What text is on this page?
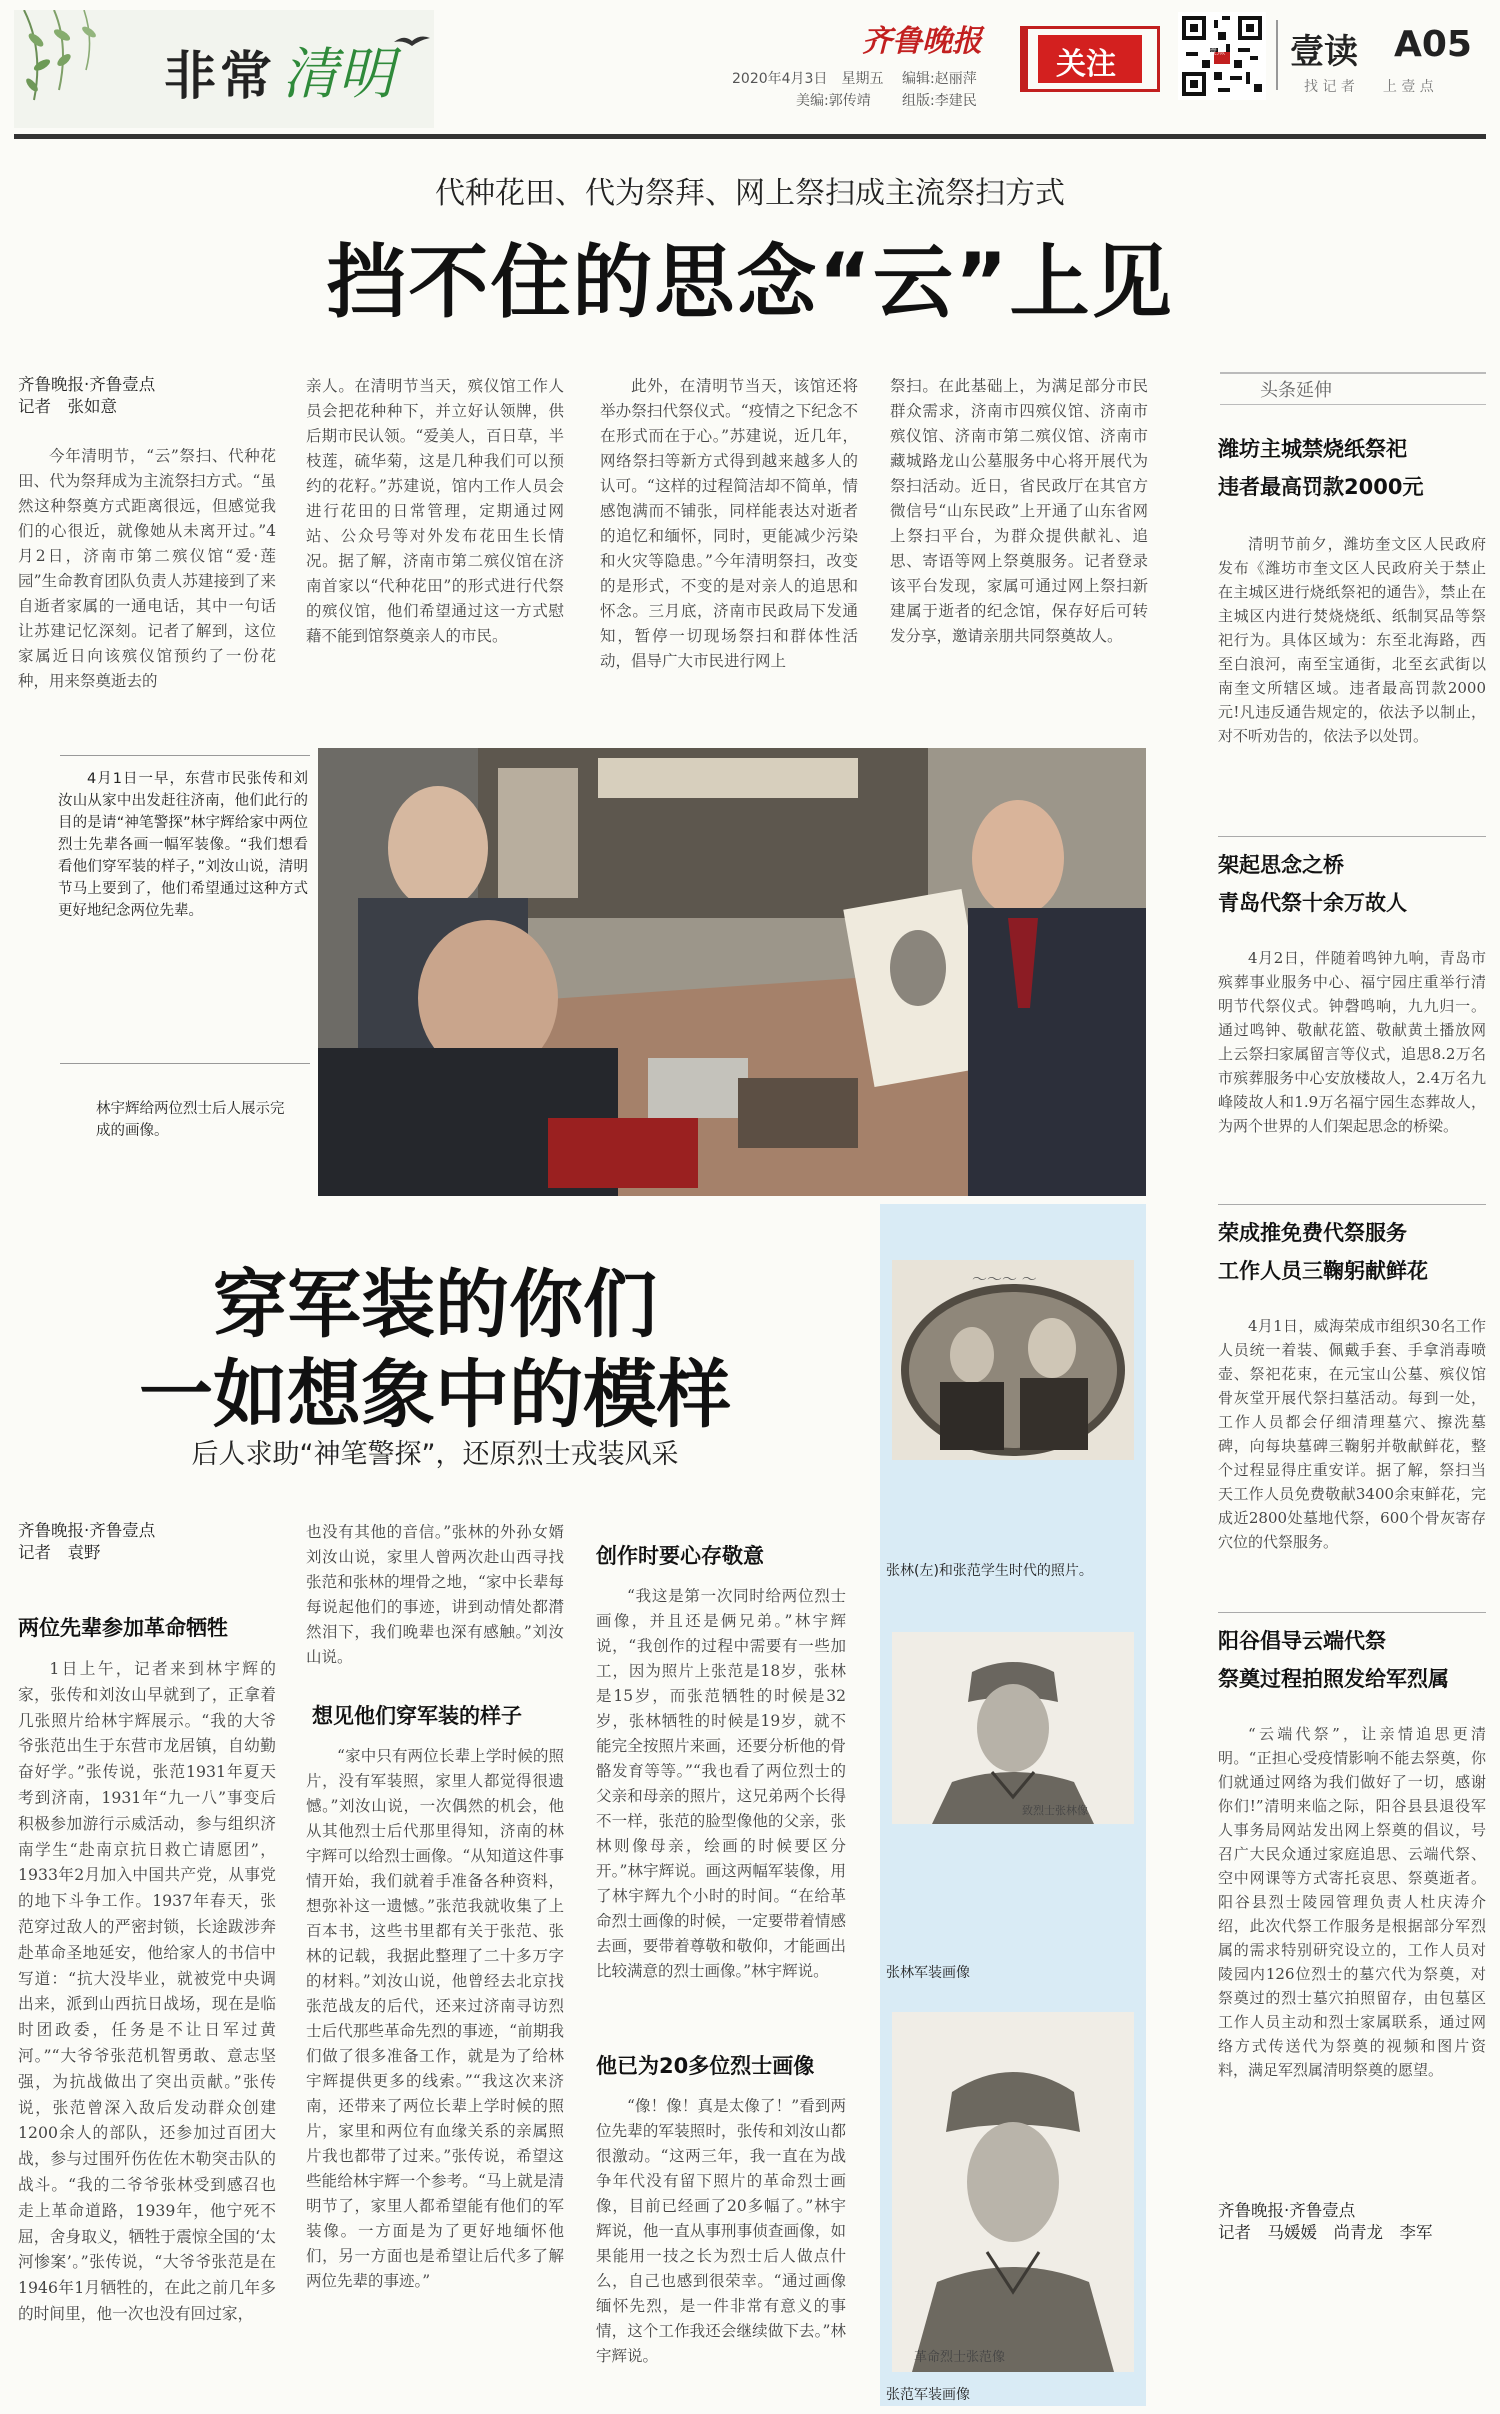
非常 清明
齐鲁晚报
2020年4月3日　星期五 编辑:赵丽萍
美编:郭传靖 组版:李建民
关注	壹点 壹读 A05
找 记 者　　上 壹 点
代种花田、代为祭拜、网上祭扫成主流祭扫方式
挡不住的思念“云”上见
齐鲁晚报·齐鲁壹点
记者　张如意
今年清明节，“云”祭扫、代种花田、代为祭拜成为主流祭扫方式。“虽然这种祭奠方式距离很远，但感觉我们的心很近，就像她从未离开过。”4月2日，济南市第二殡仪馆“爱·莲园”生命教育团队负责人苏建接到了来自逝者家属的一通电话，其中一句话让苏建记忆深刻。记者了解到，这位家属近日向该殡仪馆预约了一份花种，用来祭奠逝去的
亲人。在清明节当天，殡仪馆工作人员会把花种种下，并立好认领牌，供后期市民认领。“爱美人，百日草，半枝莲，硫华菊，这是几种我们可以预约的花籽。”苏建说，馆内工作人员会进行花田的日常管理，定期通过网站、公众号等对外发布花田生长情况。据了解，济南市第二殡仪馆在济南首家以“代种花田”的形式进行代祭的殡仪馆，他们希望通过这一方式慰藉不能到馆祭奠亲人的市民。
此外，在清明节当天，该馆还将举办祭扫代祭仪式。“疫情之下纪念不在形式而在于心。”苏建说，近几年，网络祭扫等新方式得到越来越多人的认可。“这样的过程简洁却不简单，情感饱满而不铺张，同样能表达对逝者的追忆和缅怀，同时，更能减少污染和火灾等隐患。”今年清明祭扫，改变的是形式，不变的是对亲人的追思和怀念。三月底，济南市民政局下发通知，暂停一切现场祭扫和群体性活动，倡导广大市民进行网上
祭扫。在此基础上，为满足部分市民群众需求，济南市四殡仪馆、济南市殡仪馆、济南市第二殡仪馆、济南市藏城路龙山公墓服务中心将开展代为祭扫活动。近日，省民政厅在其官方微信号“山东民政”上开通了山东省网上祭扫平台，为群众提供献礼、追思、寄语等网上祭奠服务。记者登录该平台发现，家属可通过网上祭扫新建属于逝者的纪念馆，保存好后可转发分享，邀请亲朋共同祭奠故人。
4月1日一早，东营市民张传和刘汝山从家中出发赶往济南，他们此行的目的是请“神笔警探”林宇辉给家中两位烈士先辈各画一幅军装像。“我们想看看他们穿军装的样子，”刘汝山说，清明节马上要到了，他们希望通过这种方式更好地纪念两位先辈。
林宇辉给两位烈士后人展示完成的画像。
穿军装的你们
一如想象中的模样
后人求助“神笔警探”，还原烈士戎装风采
齐鲁晚报·齐鲁壹点
记者　袁野
两位先辈参加革命牺牲
1日上午，记者来到林宇辉的家，张传和刘汝山早就到了，正拿着几张照片给林宇辉展示。“我的大爷爷张范出生于东营市龙居镇，自幼勤奋好学。”张传说，张范1931年夏天考到济南，1931年“九一八”事变后积极参加游行示威活动，参与组织济南学生“赴南京抗日救亡请愿团”，1933年2月加入中国共产党，从事党的地下斗争工作。1937年春天，张范穿过敌人的严密封锁，长途跋涉奔赴革命圣地延安，他给家人的书信中写道：“抗大没毕业，就被党中央调出来，派到山西抗日战场，现在是临时团政委，任务是不让日军过黄河。”“大爷爷张范机智勇敢、意志坚强，为抗战做出了突出贡献。”张传说，张范曾深入敌后发动群众创建1200余人的部队，还参加过百团大战，参与过围歼伤佐佐木勒突击队的战斗。“我的二爷爷张林受到感召也走上革命道路，1939年，他宁死不屈，舍身取义，牺牲于震惊全国的‘太河惨案’。”张传说，“大爷爷张范是在1946年1月牺牲的，在此之前几年多的时间里，他一次也没有回过家，
也没有其他的音信。”张林的外孙女婿刘汝山说，家里人曾两次赴山西寻找张范和张林的埋骨之地，“家中长辈每每说起他们的事迹，讲到动情处都潸然泪下，我们晚辈也深有感触。”刘汝山说。
想见他们穿军装的样子
“家中只有两位长辈上学时候的照片，没有军装照，家里人都觉得很遗憾。”刘汝山说，一次偶然的机会，他从其他烈士后代那里得知，济南的林宇辉可以给烈士画像。“从知道这件事情开始，我们就着手准备各种资料，想弥补这一遗憾。”张范我就收集了上百本书，这些书里都有关于张范、张林的记载，我据此整理了二十多万字的材料。”刘汝山说，他曾经去北京找张范战友的后代，还来过济南寻访烈士后代那些革命先烈的事迹，“前期我们做了很多准备工作，就是为了给林宇辉提供更多的线索。”“我这次来济南，还带来了两位长辈上学时候的照片，家里和两位有血缘关系的亲属照片我也都带了过来。”张传说，希望这些能给林宇辉一个参考。“马上就是清明节了，家里人都希望能有他们的军装像。一方面是为了更好地缅怀他们，另一方面也是希望让后代多了解两位先辈的事迹。”
创作时要心存敬意
“我这是第一次同时给两位烈士画像，并且还是俩兄弟。”林宇辉说，“我创作的过程中需要有一些加工，因为照片上张范是18岁，张林是15岁，而张范牺牲的时候是32岁，张林牺牲的时候是19岁，就不能完全按照片来画，还要分析他的骨骼发育等等。”“我也看了两位烈士的父亲和母亲的照片，这兄弟两个长得不一样，张范的脸型像他的父亲，张林则像母亲，绘画的时候要区分开。”林宇辉说。画这两幅军装像，用了林宇辉九个小时的时间。“在给革命烈士画像的时候，一定要带着情感去画，要带着尊敬和敬仰，才能画出比较满意的烈士画像。”林宇辉说。
他已为20多位烈士画像
“像！像！真是太像了！”看到两位先辈的军装照时，张传和刘汝山都很激动。“这两三年，我一直在为战争年代没有留下照片的革命烈士画像，目前已经画了20多幅了。”林宇辉说，他一直从事刑事侦查画像，如果能用一技之长为烈士后人做点什么，自己也感到很荣幸。“通过画像缅怀先烈，是一件非常有意义的事情，这个工作我还会继续做下去。”林宇辉说。
〜〜〜 〜
张林(左)和张范学生时代的照片。
致烈士张林像
张林军装画像
革命烈士张范像
张范军装画像
头条延伸
潍坊主城禁烧纸祭祀
违者最高罚款2000元
清明节前夕，潍坊奎文区人民政府发布《潍坊市奎文区人民政府关于禁止在主城区进行烧纸祭祀的通告》，禁止在主城区内进行焚烧烧纸、纸制冥品等祭祀行为。具体区域为：东至北海路，西至白浪河，南至宝通街，北至玄武街以南奎文所辖区域。违者最高罚款2000元!凡违反通告规定的，依法予以制止，对不听劝告的，依法予以处罚。
架起思念之桥
青岛代祭十余万故人
4月2日，伴随着鸣钟九响，青岛市殡葬事业服务中心、福宁园庄重举行清明节代祭仪式。钟磬鸣响，九九归一。通过鸣钟、敬献花篮、敬献黄土播放网上云祭扫家属留言等仪式，追思8.2万名市殡葬服务中心安放楼故人，2.4万名九峰陵故人和1.9万名福宁园生态葬故人，为两个世界的人们架起思念的桥梁。
荣成推免费代祭服务
工作人员三鞠躬献鲜花
4月1日，威海荣成市组织30名工作人员统一着装、佩戴手套、手拿消毒喷壶、祭祀花束，在元宝山公墓、殡仪馆骨灰堂开展代祭扫墓活动。每到一处，工作人员都会仔细清理墓穴、擦洗墓碑，向每块墓碑三鞠躬并敬献鲜花，整个过程显得庄重安详。据了解，祭扫当天工作人员免费敬献3400余束鲜花，完成近2800处墓地代祭，600个骨灰寄存穴位的代祭服务。
阳谷倡导云端代祭
祭奠过程拍照发给军烈属
“云端代祭”，让亲情追思更清明。“正担心受疫情影响不能去祭奠，你们就通过网络为我们做好了一切，感谢你们!”清明来临之际，阳谷县县退役军人事务局网站发出网上祭奠的倡议，号召广大民众通过家庭追思、云端代祭、空中网课等方式寄托哀思、祭奠逝者。阳谷县烈士陵园管理负责人杜庆涛介绍，此次代祭工作服务是根据部分军烈属的需求特别研究设立的，工作人员对陵园内126位烈士的墓穴代为祭奠，对祭奠过的烈士墓穴拍照留存，由包墓区工作人员主动和烈士家属联系，通过网络方式传送代为祭奠的视频和图片资料，满足军烈属清明祭奠的愿望。
齐鲁晚报·齐鲁壹点
记者　马媛媛　尚青龙　李军
